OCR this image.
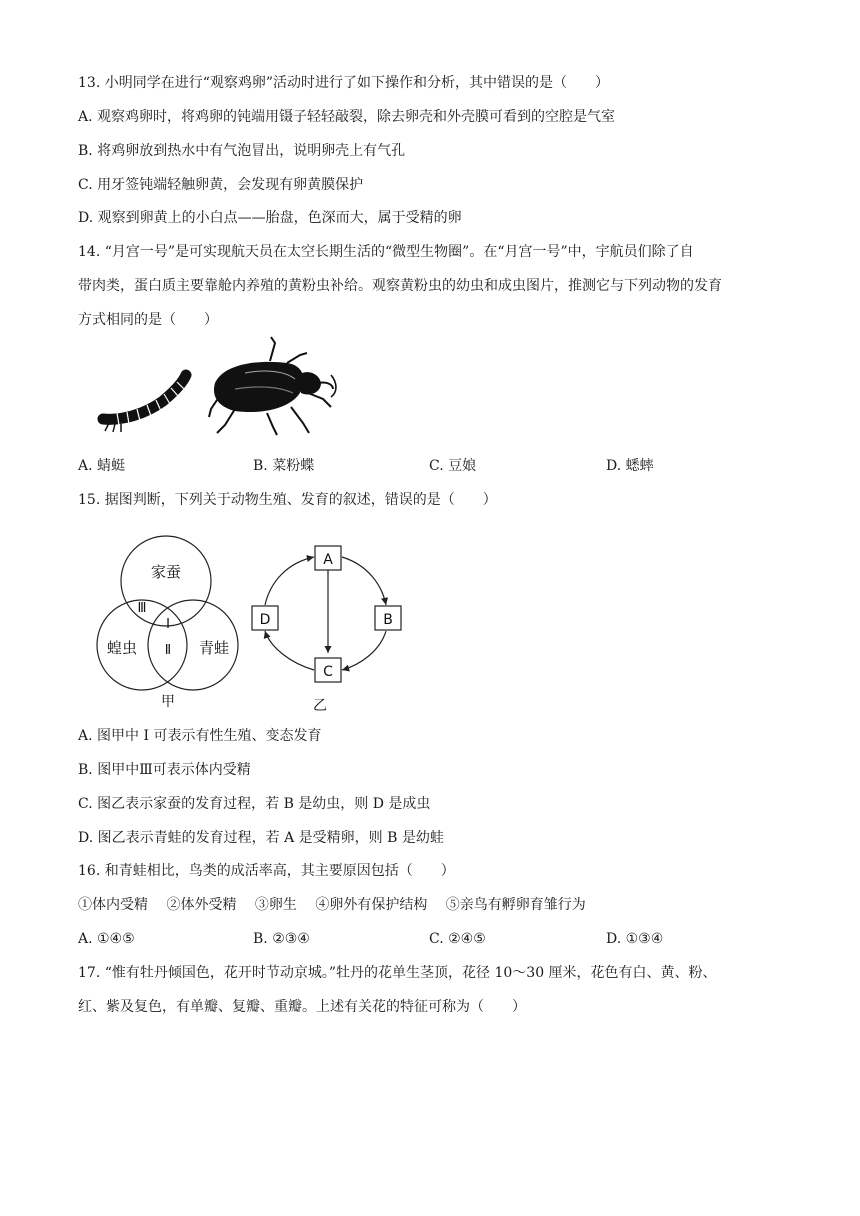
13. 小明同学在进行“观察鸡卵”活动时进行了如下操作和分析，其中错误的是（　　）
A. 观察鸡卵时，将鸡卵的钝端用镊子轻轻敲裂，除去卵壳和外壳膜可看到的空腔是气室
B. 将鸡卵放到热水中有气泡冒出，说明卵壳上有气孔
C. 用牙签钝端轻触卵黄，会发现有卵黄膜保护
D. 观察到卵黄上的小白点——胎盘，色深而大，属于受精的卵
14. “月宫一号”是可实现航天员在太空长期生活的“微型生物圈”。在“月宫一号”中，宇航员们除了自
带肉类，蛋白质主要靠舱内养殖的黄粉虫补给。观察黄粉虫的幼虫和成虫图片，推测它与下列动物的发育
方式相同的是（　　）
A. 蜻蜓	B. 菜粉蝶	C. 豆娘	D. 蟋蟀
15. 据图判断，下列关于动物生殖、发育的叙述，错误的是（　　）
家蚕
蝗虫	青蛙
Ⅲ
I
Ⅱ
甲
A
B
C
D
乙
A. 图甲中 I 可表示有性生殖、变态发育
B. 图甲中Ⅲ可表示体内受精
C. 图乙表示家蚕的发育过程，若 B 是幼虫，则 D 是成虫
D. 图乙表示青蛙的发育过程，若 A 是受精卵，则 B 是幼蛙
16. 和青蛙相比，鸟类的成活率高，其主要原因包括（　　）
①体内受精　 ②体外受精　 ③卵生　 ④卵外有保护结构　 ⑤亲鸟有孵卵育雏行为
A. ①④⑤	B. ②③④	C. ②④⑤	D. ①③④
17. “惟有牡丹倾国色，花开时节动京城。”牡丹的花单生茎顶，花径 10～30 厘米，花色有白、黄、粉、
红、紫及复色，有单瓣、复瓣、重瓣。上述有关花的特征可称为（　　）
